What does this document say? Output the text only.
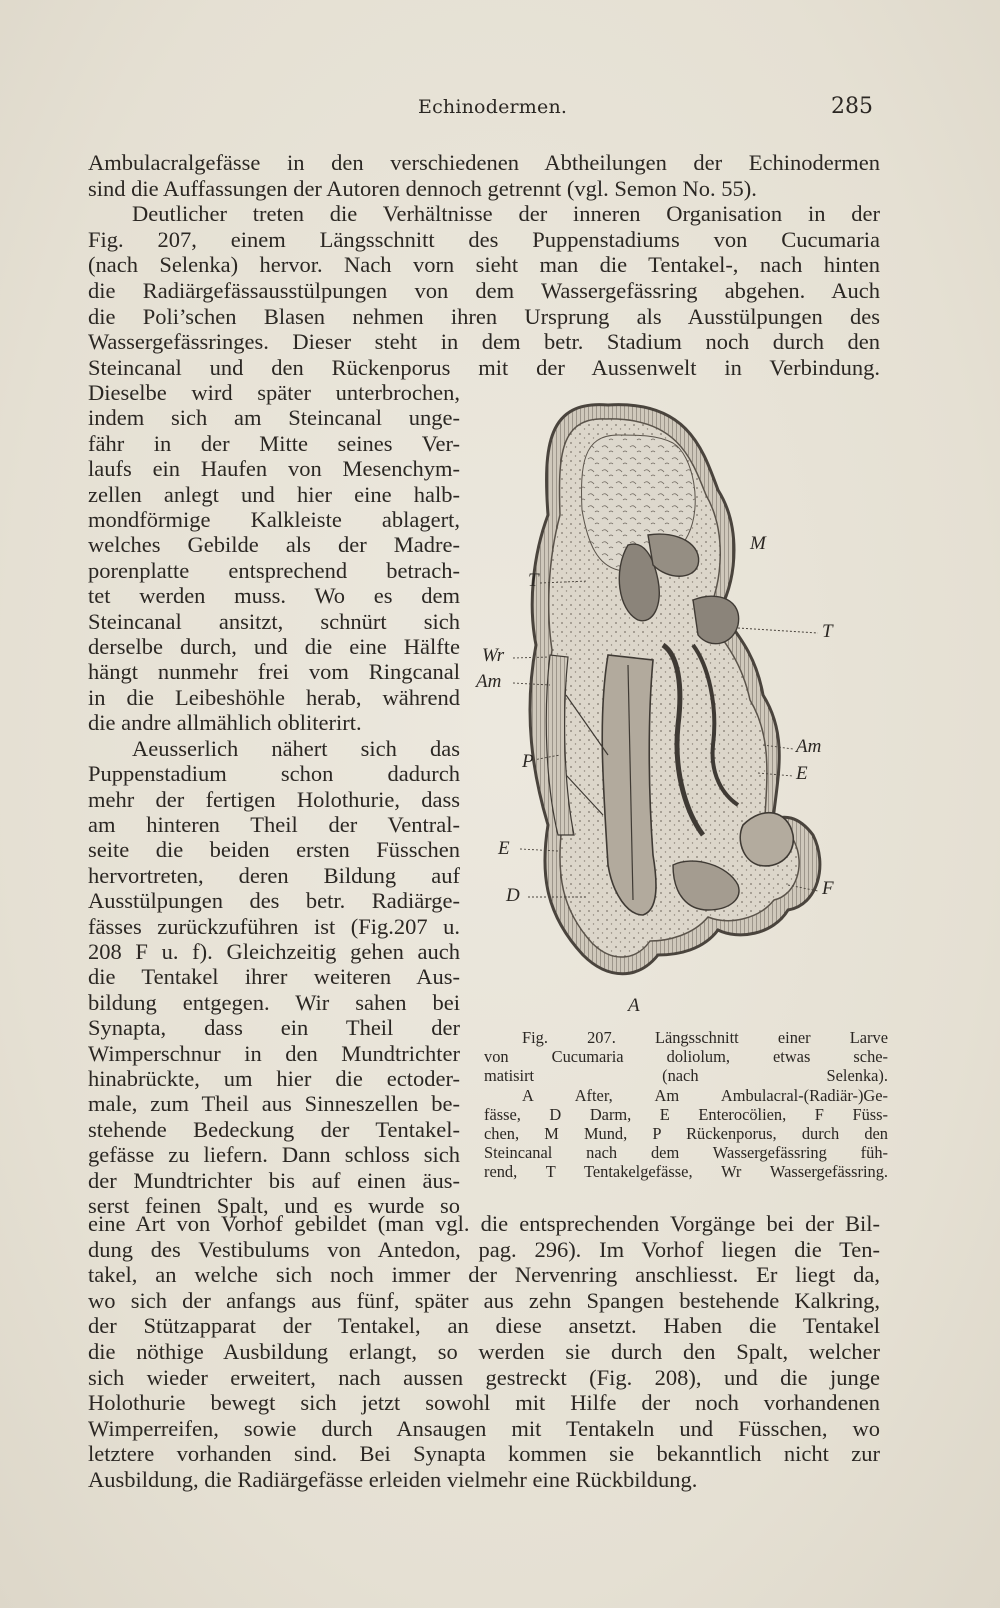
Echinodermen.	285
Ambulacralgefässe in den verschiedenen Abtheilungen der Echinodermen
sind die Auffassungen der Autoren dennoch getrennt (vgl. Semon No. 55).
Deutlicher treten die Verhältnisse der inneren Organisation in der
Fig. 207, einem Längsschnitt des Puppenstadiums von Cucumaria
(nach Selenka) hervor. Nach vorn sieht man die Tentakel-, nach hinten
die Radiärgefässausstülpungen von dem Wassergefässring abgehen. Auch
die Poli’schen Blasen nehmen ihren Ursprung als Ausstülpungen des
Wassergefässringes. Dieser steht in dem betr. Stadium noch durch den
Steincanal und den Rückenporus mit der Aussenwelt in Verbindung.
Dieselbe wird später unterbrochen,
indem sich am Steincanal unge-
fähr in der Mitte seines Ver-
laufs ein Haufen von Mesenchym-
zellen anlegt und hier eine halb-
mondförmige Kalkleiste ablagert,
welches Gebilde als der Madre-
porenplatte entsprechend betrach-
tet werden muss. Wo es dem
Steincanal ansitzt, schnürt sich
derselbe durch, und die eine Hälfte
hängt nunmehr frei vom Ringcanal
in die Leibeshöhle herab, während
die andre allmählich obliterirt.
Aeusserlich nähert sich das
Puppenstadium schon dadurch
mehr der fertigen Holothurie, dass
am hinteren Theil der Ventral-
seite die beiden ersten Füsschen
hervortreten, deren Bildung auf
Ausstülpungen des betr. Radiärge-
fässes zurückzuführen ist (Fig.207 u.
208 F u. f). Gleichzeitig gehen auch
die Tentakel ihrer weiteren Aus-
bildung entgegen. Wir sahen bei
Synapta, dass ein Theil der
Wimperschnur in den Mundtrichter
hinabrückte, um hier die ectoder-
male, zum Theil aus Sinneszellen be-
stehende Bedeckung der Tentakel-
gefässe zu liefern. Dann schloss sich
der Mundtrichter bis auf einen äus-
serst feinen Spalt, und es wurde so
T
M
T
Wr
Am
P
Am
E
E
D	F
A
Fig. 207. Längsschnitt einer Larve
von Cucumaria doliolum, etwas sche-
matisirt (nach Selenka).
A After, Am Ambulacral-(Radiär-)Ge-
fässe, D Darm, E Enterocölien, F Füss-
chen, M Mund, P Rückenporus, durch den
Steincanal nach dem Wassergefässring füh-
rend, T Tentakelgefässe, Wr Wassergefässring.
eine Art von Vorhof gebildet (man vgl. die entsprechenden Vorgänge bei der Bil-
dung des Vestibulums von Antedon, pag. 296). Im Vorhof liegen die Ten-
takel, an welche sich noch immer der Nervenring anschliesst. Er liegt da,
wo sich der anfangs aus fünf, später aus zehn Spangen bestehende Kalkring,
der Stützapparat der Tentakel, an diese ansetzt. Haben die Tentakel
die nöthige Ausbildung erlangt, so werden sie durch den Spalt, welcher
sich wieder erweitert, nach aussen gestreckt (Fig. 208), und die junge
Holothurie bewegt sich jetzt sowohl mit Hilfe der noch vorhandenen
Wimperreifen, sowie durch Ansaugen mit Tentakeln und Füsschen, wo
letztere vorhanden sind. Bei Synapta kommen sie bekanntlich nicht zur
Ausbildung, die Radiärgefässe erleiden vielmehr eine Rückbildung.
